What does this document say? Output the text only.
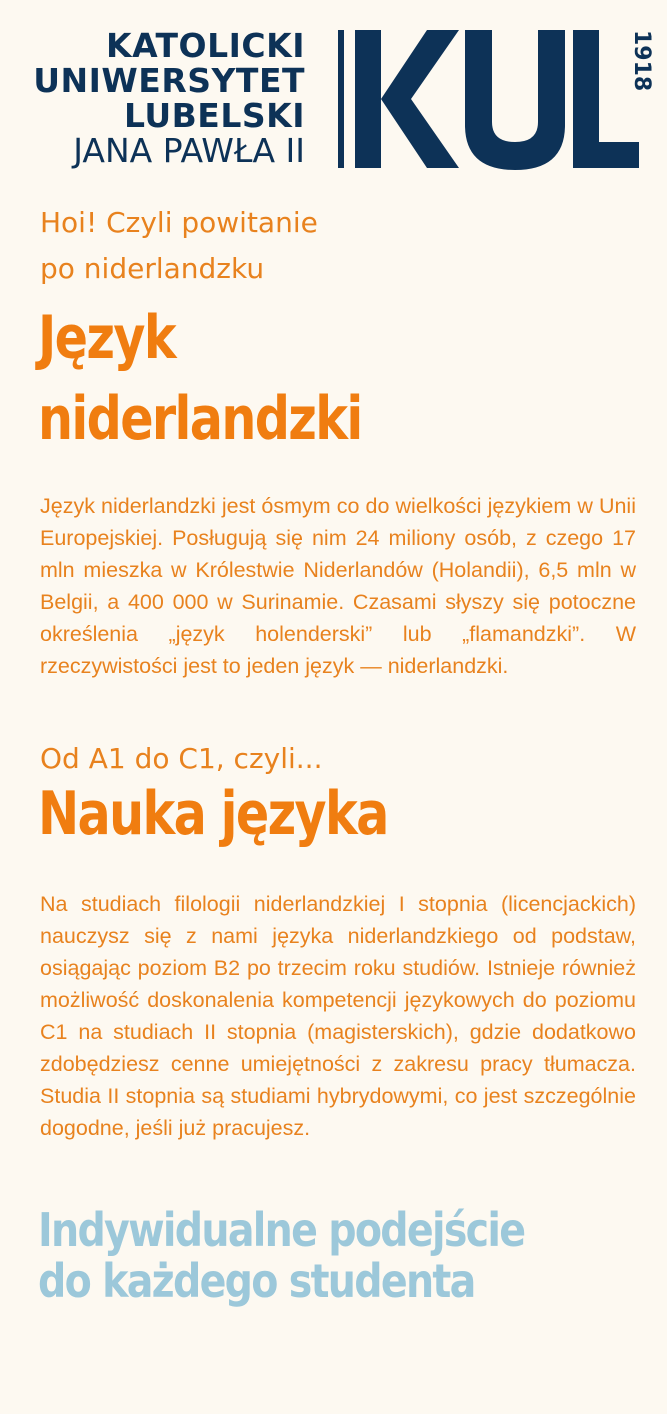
KATOLICKI
UNIWERSYTET
LUBELSKI
JANA PAWŁA II
1918

Hoi! Czyli powitanie

po niderlandzku

Język
niderlandzki

Język niderlandzki jest ósmym co do wielkości językiem w Unii Europejskiej. Posługują się nim 24 miliony osób, z czego 17 mln mieszka w Królestwie Niderlandów (Holandii), 6,5 mln w Belgii, a 400 000 w Surinamie. Czasami słyszy się potoczne określenia „język holenderski” lub „flamandzki”. W rzeczywistości jest to jeden język — niderlandzki.

Od A1 do C1, czyli...

Nauka języka

Na studiach filologii niderlandzkiej I stopnia (licencjackich) nauczysz się z nami języka niderlandzkiego od podstaw, osiągając poziom B2 po trzecim roku studiów. Istnieje również możliwość doskonalenia kompetencji językowych do poziomu C1 na studiach II stopnia (magisterskich), gdzie dodatkowo zdobędziesz cenne umiejętności z zakresu pracy tłumacza. Studia II stopnia są studiami hybrydowymi, co jest szczególnie dogodne, jeśli już pracujesz.

Indywidualne podejście
do każdego studenta
